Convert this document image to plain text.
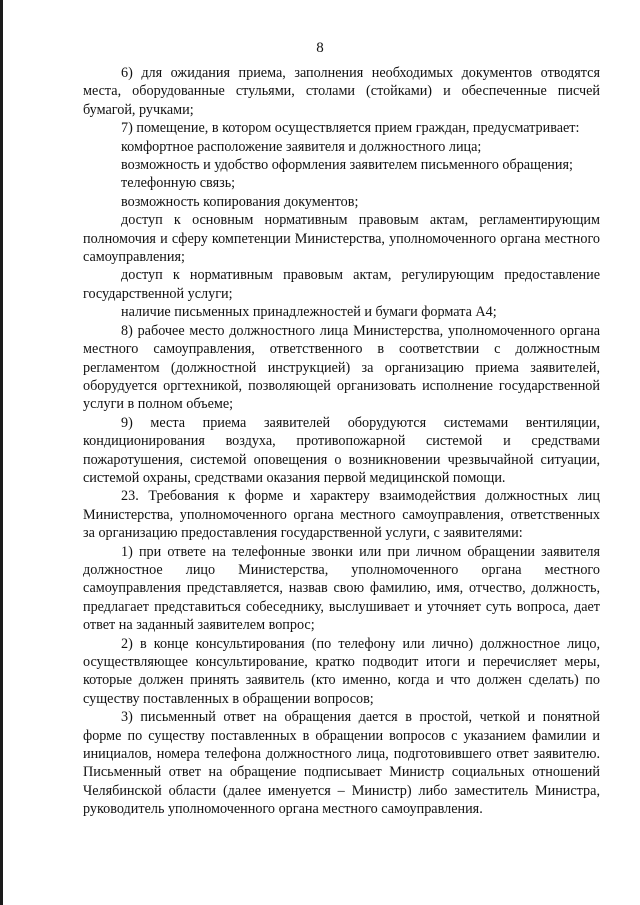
8

6) для ожидания приема, заполнения необходимых документов отводятся места, оборудованные стульями, столами (стойками) и обеспеченные писчей бумагой, ручками;

7) помещение, в котором осуществляется прием граждан, предусматривает:

комфортное расположение заявителя и должностного лица;

возможность и удобство оформления заявителем письменного обращения;

телефонную связь;

возможность копирования документов;

доступ к основным нормативным правовым актам, регламентирующим полномочия и сферу компетенции Министерства, уполномоченного органа местного самоуправления;

доступ к нормативным правовым актам, регулирующим предоставление государственной услуги;

наличие письменных принадлежностей и бумаги формата А4;

8) рабочее место должностного лица Министерства, уполномоченного органа местного самоуправления, ответственного в соответствии с должностным регламентом (должностной инструкцией) за организацию приема заявителей, оборудуется оргтехникой, позволяющей организовать исполнение государственной услуги в полном объеме;

9) места приема заявителей оборудуются системами вентиляции, кондиционирования воздуха, противопожарной системой и средствами пожаротушения, системой оповещения о возникновении чрезвычайной ситуации, системой охраны, средствами оказания первой медицинской помощи.

23. Требования к форме и характеру взаимодействия должностных лиц Министерства, уполномоченного органа местного самоуправления, ответственных за организацию предоставления государственной услуги, с заявителями:

1) при ответе на телефонные звонки или при личном обращении заявителя должностное лицо Министерства, уполномоченного органа местного самоуправления представляется, назвав свою фамилию, имя, отчество, должность, предлагает представиться собеседнику, выслушивает и уточняет суть вопроса, дает ответ на заданный заявителем вопрос;

2) в конце консультирования (по телефону или лично) должностное лицо, осуществляющее консультирование, кратко подводит итоги и перечисляет меры, которые должен принять заявитель (кто именно, когда и что должен сделать) по существу поставленных в обращении вопросов;

3) письменный ответ на обращения дается в простой, четкой и понятной форме по существу поставленных в обращении вопросов с указанием фамилии и инициалов, номера телефона должностного лица, подготовившего ответ заявителю. Письменный ответ на обращение подписывает Министр социальных отношений Челябинской области (далее именуется – Министр) либо заместитель Министра, руководитель уполномоченного органа местного самоуправления.
